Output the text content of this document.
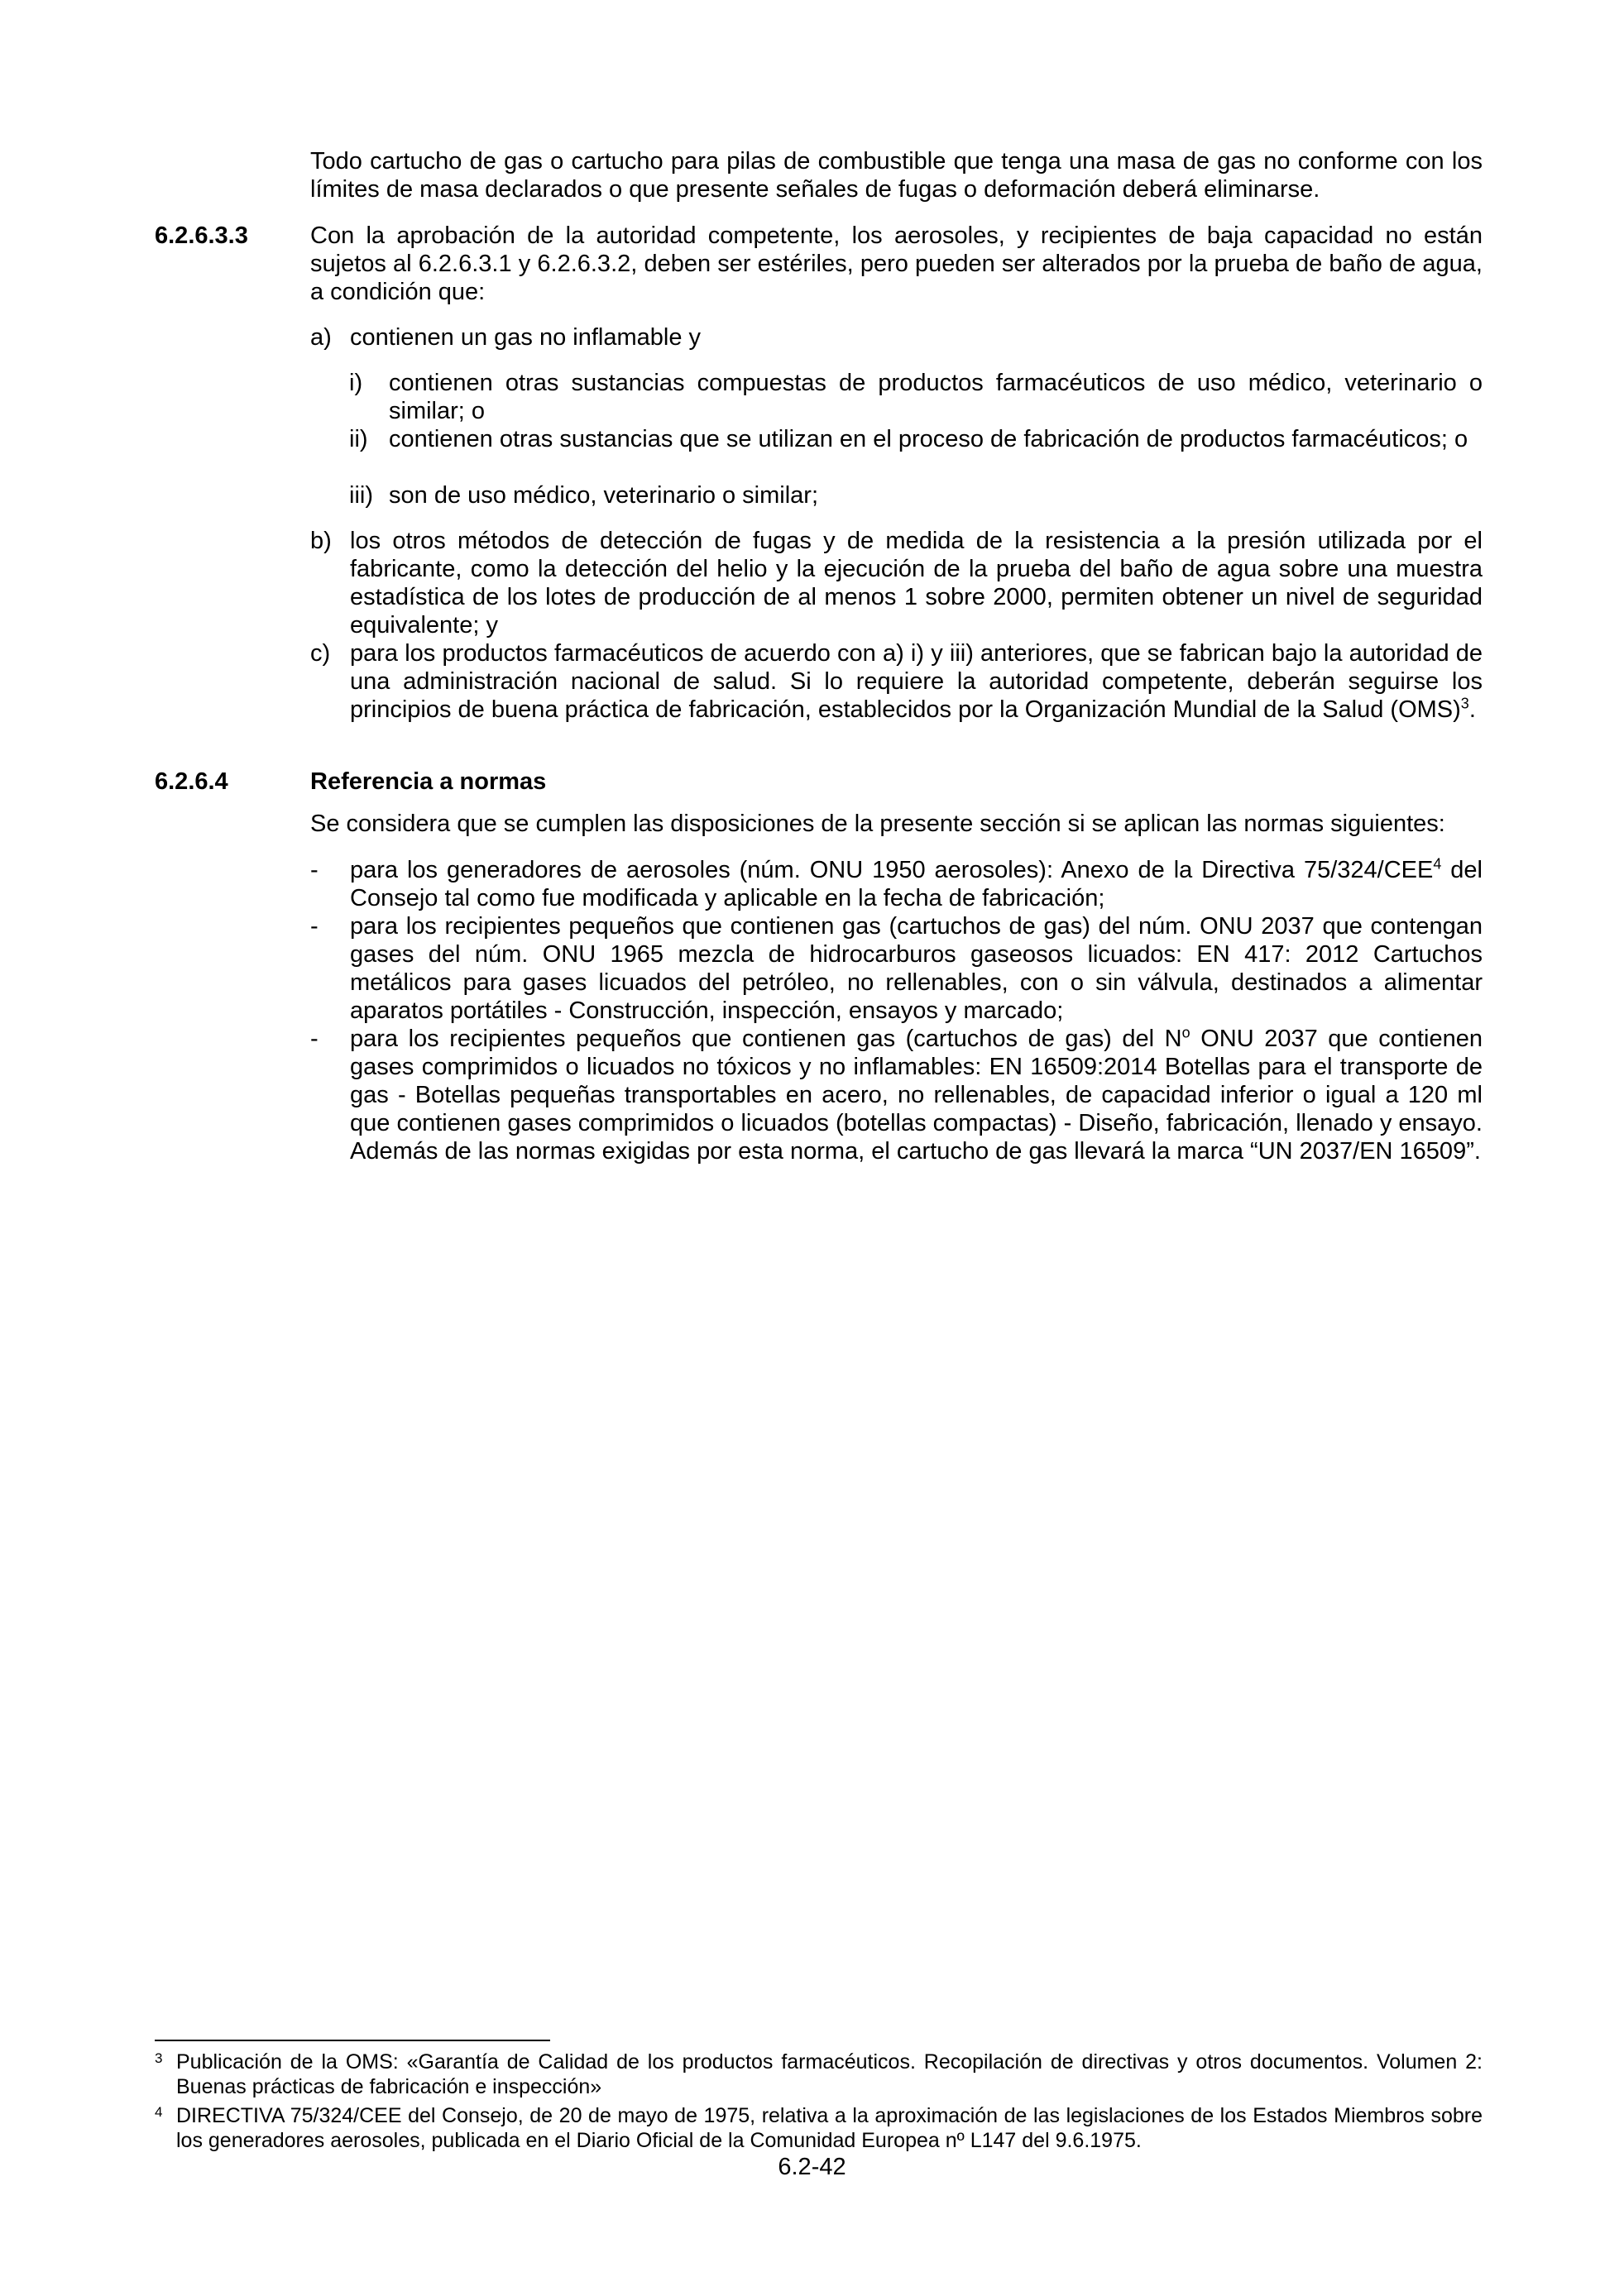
Todo cartucho de gas o cartucho para pilas de combustible que tenga una masa de gas no conforme con los límites de masa declarados o que presente señales de fugas o deformación deberá eliminarse.

6.2.6.3.3	Con la aprobación de la autoridad competente, los aerosoles, y recipientes de baja capacidad no están sujetos al 6.2.6.3.1 y 6.2.6.3.2, deben ser estériles, pero pueden ser alterados por la prueba de baño de agua, a condición que:

a) contienen un gas no inflamable y
i) contienen otras sustancias compuestas de productos farmacéuticos de uso médico, veterinario o similar; o
ii) contienen otras sustancias que se utilizan en el proceso de fabricación de productos farmacéuticos; o
iii) son de uso médico, veterinario o similar;
b) los otros métodos de detección de fugas y de medida de la resistencia a la presión utilizada por el fabricante, como la detección del helio y la ejecución de la prueba del baño de agua sobre una muestra estadística de los lotes de producción de al menos 1 sobre 2000, permiten obtener un nivel de seguridad equivalente; y
c) para los productos farmacéuticos de acuerdo con a) i) y iii) anteriores, que se fabrican bajo la autoridad de una administración nacional de salud. Si lo requiere la autoridad competente, deberán seguirse los principios de buena práctica de fabricación, establecidos por la Organización Mundial de la Salud (OMS)$^3$.

6.2.6.4	Referencia a normas

Se considera que se cumplen las disposiciones de la presente sección si se aplican las normas siguientes:

- para los generadores de aerosoles (núm. ONU 1950 aerosoles): Anexo de la Directiva 75/324/CEE$^4$ del Consejo tal como fue modificada y aplicable en la fecha de fabricación;
- para los recipientes pequeños que contienen gas (cartuchos de gas) del núm. ONU 2037 que contengan gases del núm. ONU 1965 mezcla de hidrocarburos gaseosos licuados: EN 417: 2012 Cartuchos metálicos para gases licuados del petróleo, no rellenables, con o sin válvula, destinados a alimentar aparatos portátiles - Construcción, inspección, ensayos y marcado;
- para los recipientes pequeños que contienen gas (cartuchos de gas) del $N^o$ ONU 2037 que contienen gases comprimidos o licuados no tóxicos y no inflamables: EN 16509:2014 Botellas para el transporte de gas - Botellas pequeñas transportables en acero, no rellenables, de capacidad inferior o igual a 120 ml que contienen gases comprimidos o licuados (botellas compactas) - Diseño, fabricación, llenado y ensayo. Además de las normas exigidas por esta norma, el cartucho de gas llevará la marca “UN 2037/EN 16509”.
3 Publicación de la OMS: «Garantía de Calidad de los productos farmacéuticos. Recopilación de directivas y otros documentos. Volumen 2: Buenas prácticas de fabricación e inspección»
4 DIRECTIVA 75/324/CEE del Consejo, de 20 de mayo de 1975, relativa a la aproximación de las legislaciones de los Estados Miembros sobre los generadores aerosoles, publicada en el Diario Oficial de la Comunidad Europea nº L147 del 9.6.1975.
6.2-42
